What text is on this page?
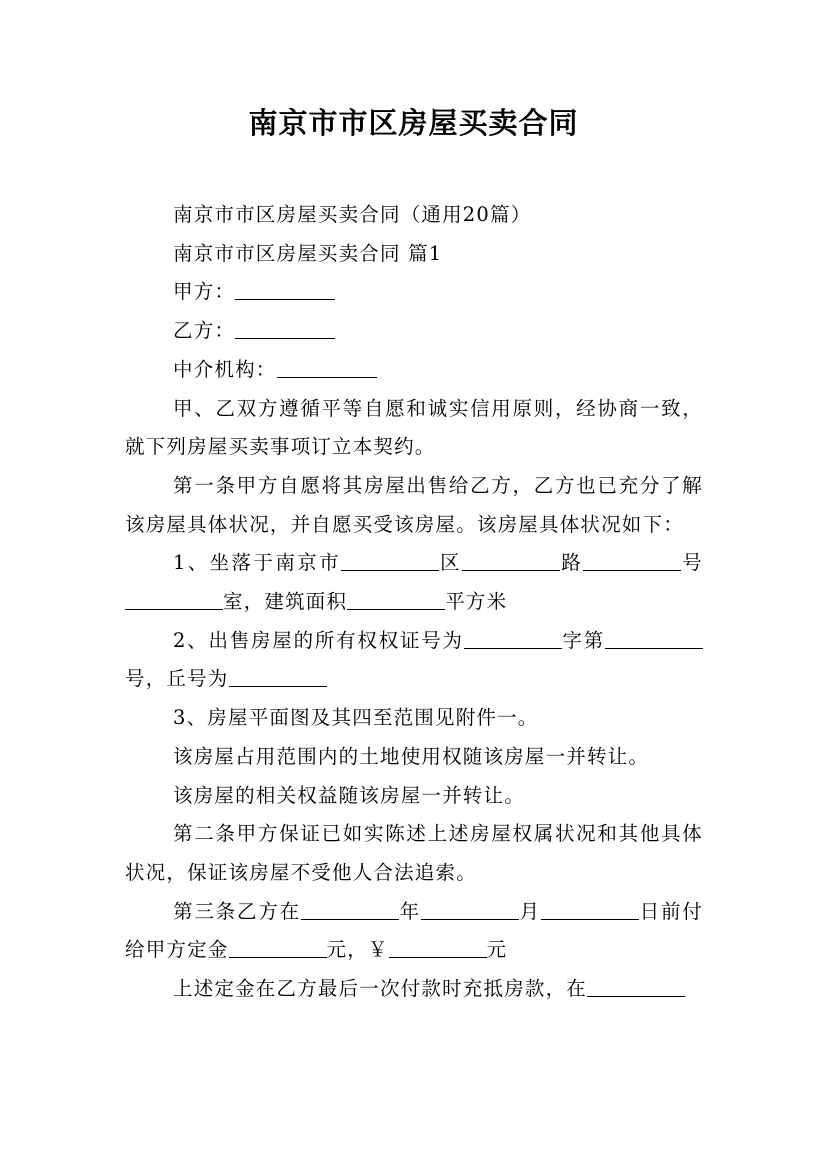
南京市市区房屋买卖合同

南京市市区房屋买卖合同（通用20篇）

南京市市区房屋买卖合同 篇1

甲方：

乙方：

中介机构：

甲、乙双方遵循平等自愿和诚实信用原则，经协商一致，就下列房屋买卖事项订立本契约。

第一条甲方自愿将其房屋出售给乙方，乙方也已充分了解该房屋具体状况，并自愿买受该房屋。该房屋具体状况如下：

1、坐落于南京市	区	路	号室，建筑面积	平方米

2、出售房屋的所有权权证号为	字第号，丘号为

3、房屋平面图及其四至范围见附件一。

该房屋占用范围内的土地使用权随该房屋一并转让。

该房屋的相关权益随该房屋一并转让。

第二条甲方保证已如实陈述上述房屋权属状况和其他具体状况，保证该房屋不受他人合法追索。

第三条乙方在	年	月	日前付给甲方定金	元，￥	元

上述定金在乙方最后一次付款时充抵房款，在
